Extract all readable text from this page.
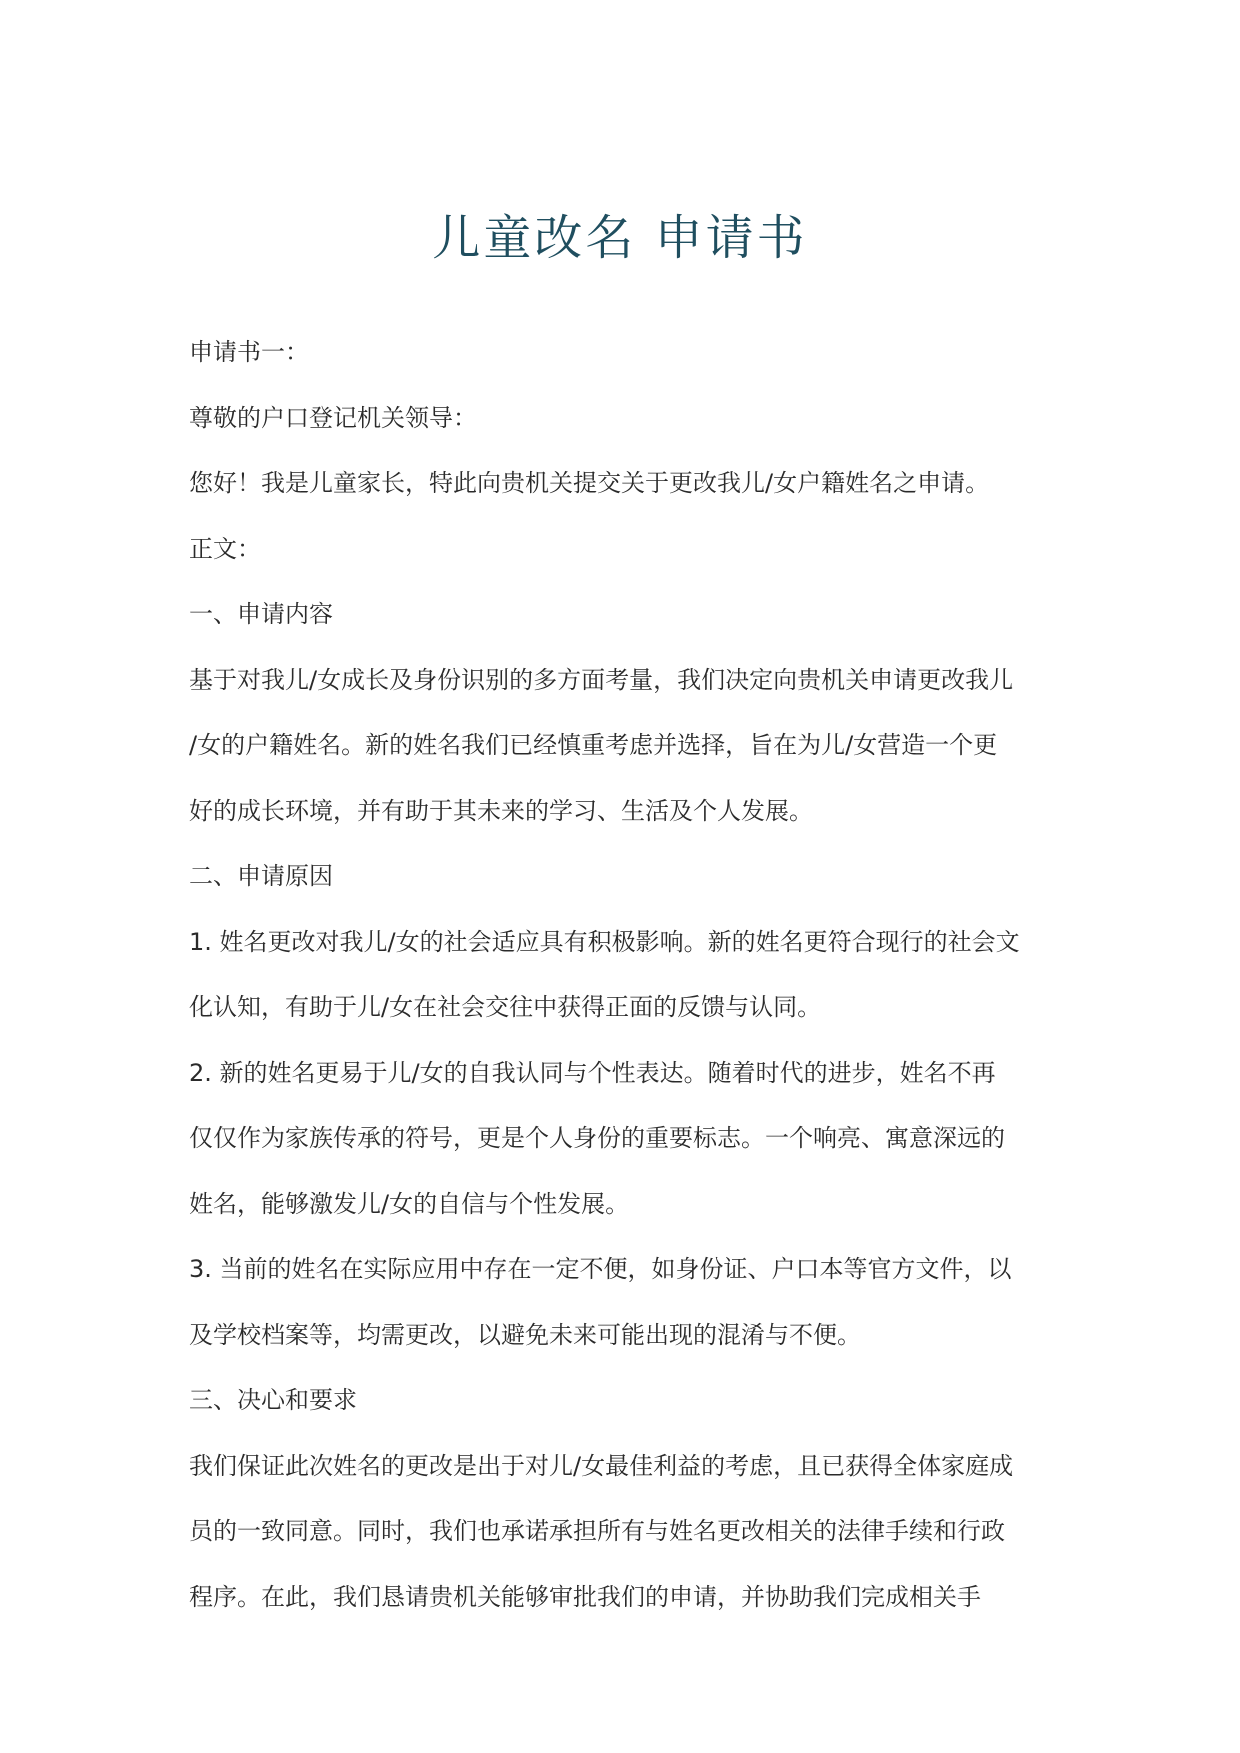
儿童改名 申请书

申请书一：

尊敬的户口登记机关领导：

您好！我是儿童家长，特此向贵机关提交关于更改我儿/女户籍姓名之申请。

正文：

一、申请内容

基于对我儿/女成长及身份识别的多方面考量，我们决定向贵机关申请更改我儿

/女的户籍姓名。新的姓名我们已经慎重考虑并选择，旨在为儿/女营造一个更

好的成长环境，并有助于其未来的学习、生活及个人发展。

二、申请原因

1. 姓名更改对我儿/女的社会适应具有积极影响。新的姓名更符合现行的社会文

化认知，有助于儿/女在社会交往中获得正面的反馈与认同。

2. 新的姓名更易于儿/女的自我认同与个性表达。随着时代的进步，姓名不再

仅仅作为家族传承的符号，更是个人身份的重要标志。一个响亮、寓意深远的

姓名，能够激发儿/女的自信与个性发展。

3. 当前的姓名在实际应用中存在一定不便，如身份证、户口本等官方文件，以

及学校档案等，均需更改，以避免未来可能出现的混淆与不便。

三、决心和要求

我们保证此次姓名的更改是出于对儿/女最佳利益的考虑，且已获得全体家庭成

员的一致同意。同时，我们也承诺承担所有与姓名更改相关的法律手续和行政

程序。在此，我们恳请贵机关能够审批我们的申请，并协助我们完成相关手
